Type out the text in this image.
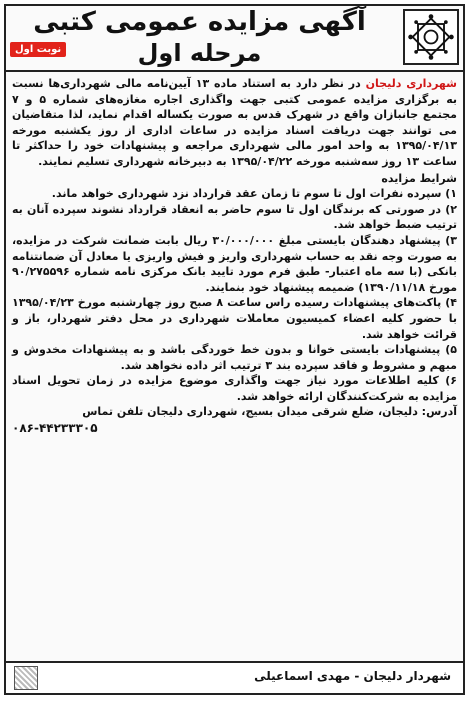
آگهی مزایده عمومی کتبی
مرحله اول
نوبت اول

شهرداری دلیجان در نظر دارد به استناد ماده ۱۳ آیین‌نامه مالی شهرداری‌ها نسبت به برگزاری مزایده عمومی کتبی جهت واگذاری اجاره مغازه‌های شماره ۵ و ۷ مجتمع جانبازان واقع در شهرک قدس به صورت یکساله اقدام نماید، لذا متقاضیان می توانند جهت دریافت اسناد مزایده در ساعات اداری از روز یکشنبه مورخه ۱۳۹۵/۰۴/۱۳ به واحد امور مالی شهرداری مراجعه و پیشنهادات خود را حداکثر تا ساعت ۱۳ روز سه‌شنبه مورخه ۱۳۹۵/۰۴/۲۲ به دبیرخانه شهرداری تسلیم نمایند.

شرایط مزایده

۱) سپرده نفرات اول تا سوم تا زمان عقد قرارداد نزد شهرداری خواهد ماند.

۲) در صورتی که برندگان اول تا سوم حاضر به انعقاد قرارداد نشوند سپرده آنان به ترتیب ضبط خواهد شد.

۳) پیشنهاد دهندگان بایستی مبلغ ۳۰/۰۰۰/۰۰۰ ریال بابت ضمانت شرکت در مزایده، به صورت وجه نقد به حساب شهرداری واریز و فیش واریزی یا معادل آن ضمانتنامه بانکی (با سه ماه اعتبار- طبق فرم مورد تایید بانک مرکزی نامه شماره ۹۰/۲۷۵۵۹۶ مورخ ۱۳۹۰/۱۱/۱۸) ضمیمه پیشنهاد خود بنمایند.

۴) پاکت‌های پیشنهادات رسیده راس ساعت ۸ صبح روز چهارشنبه مورخ ۱۳۹۵/۰۴/۲۳ با حضور کلیه اعضاء کمیسیون معاملات شهرداری در محل دفتر شهردار، باز و قرائت خواهد شد.

۵) پیشنهادات بایستی خوانا و بدون خط خوردگی باشد و به پیشنهادات مخدوش و مبهم و مشروط و فاقد سپرده بند ۳ ترتیب اثر داده نخواهد شد.

۶) کلیه اطلاعات مورد نیاز جهت واگذاری موضوع مزایده در زمان تحویل اسناد مزایده به شرکت‌کنندگان ارائه خواهد شد.

آدرس: دلیجان، ضلع شرقی میدان بسیج، شهرداری دلیجان تلفن تماس

۰۸۶-۴۴۲۳۳۳۰۵

شهردار دلیجان - مهدی اسماعیلی
